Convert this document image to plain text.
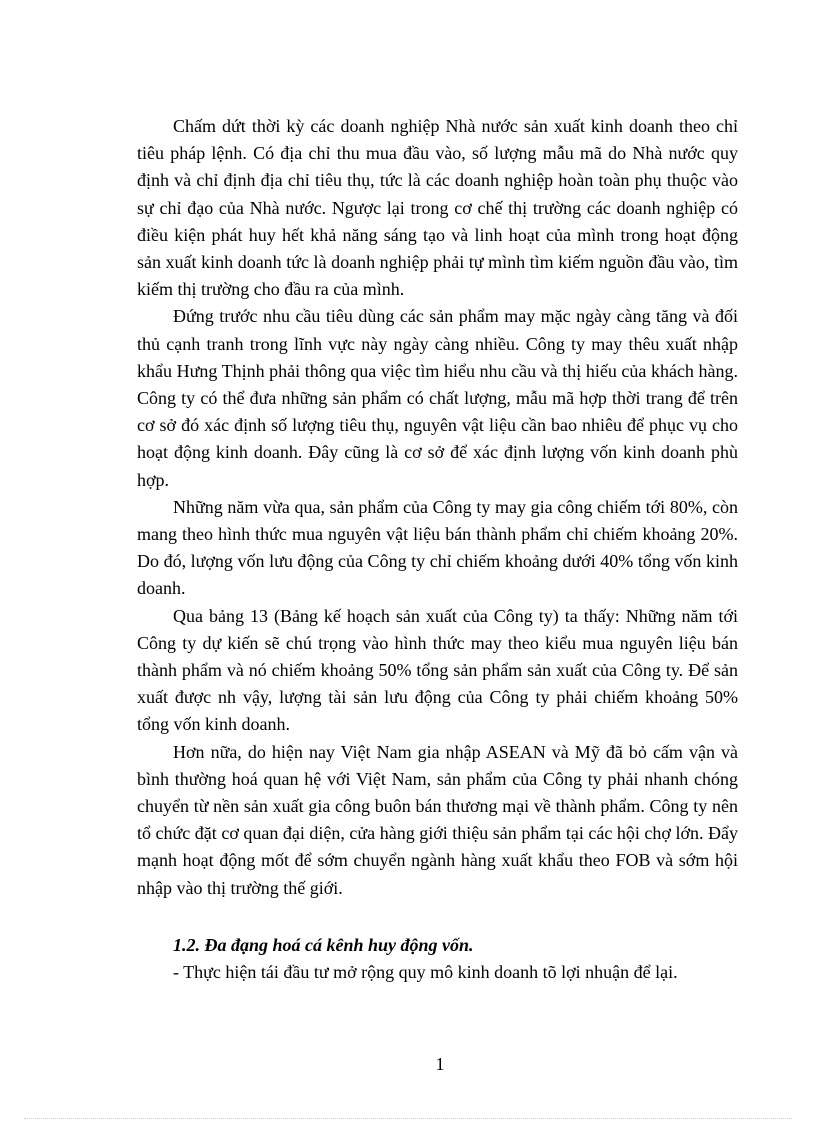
Chấm dứt thời kỳ các doanh nghiệp Nhà nước sản xuất kinh doanh theo chỉ tiêu pháp lệnh. Có địa chỉ thu mua đầu vào, số lượng mẫu mã do Nhà nước quy định và chỉ định địa chỉ tiêu thụ, tức là các doanh nghiệp hoàn toàn phụ thuộc vào sự chỉ đạo của Nhà nước. Ngược lại trong cơ chế thị trường các doanh nghiệp có điều kiện phát huy hết khả năng sáng tạo và linh hoạt của mình trong hoạt động sản xuất kinh doanh tức là doanh nghiệp phải tự mình tìm kiếm nguồn đầu vào, tìm kiếm thị trường cho đầu ra của mình.

Đứng trước nhu cầu tiêu dùng các sản phẩm may mặc ngày càng tăng và đối thủ cạnh tranh trong lĩnh vực này ngày càng nhiều. Công ty may thêu xuất nhập khẩu Hưng Thịnh phải thông qua việc tìm hiểu nhu cầu và thị hiếu của khách hàng. Công ty có thể đưa những sản phẩm có chất lượng, mẫu mã hợp thời trang để trên cơ sở đó xác định số lượng tiêu thụ, nguyên vật liệu cần bao nhiêu để phục vụ cho hoạt động kinh doanh. Đây cũng là cơ sở để xác định lượng vốn kinh doanh phù hợp.

Những năm vừa qua, sản phẩm của Công ty may gia công chiếm tới 80%, còn mang theo hình thức mua nguyên vật liệu bán thành phẩm chỉ chiếm khoảng 20%. Do đó, lượng vốn lưu động của Công ty chỉ chiếm khoảng dưới 40% tổng vốn kinh doanh.

Qua bảng 13 (Bảng kế hoạch sản xuất của Công ty) ta thấy: Những năm tới Công ty dự kiến sẽ chú trọng vào hình thức may theo kiểu mua nguyên liệu bán thành phẩm và nó chiếm khoảng 50% tổng sản phẩm sản xuất của Công ty. Để sản xuất được nh vậy, lượng tài sản lưu động của Công ty phải chiếm khoảng 50% tổng vốn kinh doanh.

Hơn nữa, do hiện nay Việt Nam gia nhập ASEAN và Mỹ đã bỏ cấm vận và bình thường hoá quan hệ với Việt Nam, sản phẩm của Công ty phải nhanh chóng chuyển từ nền sản xuất gia công buôn bán thương mại về thành phẩm. Công ty nên tổ chức đặt cơ quan đại diện, cửa hàng giới thiệu sản phẩm tại các hội chợ lớn. Đẩy mạnh hoạt động mốt để sớm chuyển ngành hàng xuất khẩu theo FOB và sớm hội nhập vào thị trường thế giới.

1.2. Đa đạng hoá cá kênh huy động vốn.

- Thực hiện tái đầu tư mở rộng quy mô kinh doanh tõ lợi nhuận để lại.

1
